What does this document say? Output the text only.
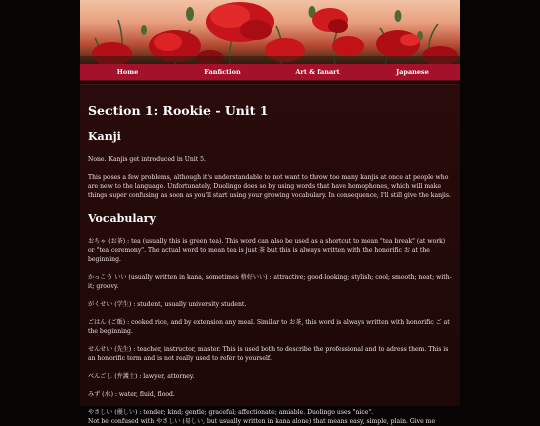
Home	Fanfiction	Art & fanart	Japanese
Section 1: Rookie - Unit 1
Kanji

None. Kanjis get introduced in Unit 5.

This poses a few problems, although it's understandable to not want to throw too many kanjis at once at people who are new to the language. Unfortunately, Duolingo does so by using words that have homophones, which will make things super confusing as soon as you'll start using your growing vocabulary. In consequence, I'll still give the kanjis.

Vocabulary

おちゃ (お茶) : tea (usually this is green tea). This word can also be used as a shortcut to mean "tea break" (at work) or "tea ceremony". The actual word to mean tea is just 茶 but this is always written with the honorific お at the beginning.

かっこう いい (usually written in kana, sometimes 格好いい) : attractive; good-looking; stylish; cool; smooth; neat; with-it; groovy.

がくせい (学生) : student, usually university student.

ごはん (ご飯) : cooked rice, and by extension any meal. Similar to お茶, this word is always written with honorific ご at the beginning.

せんせい (先生) : teacher, instructor, master. This is used both to describe the professional and to adress them. This is an honorific term and is not really used to refer to yourself.

べんごし (弁護士) : lawyer, attorney.

みず (水) : water, fluid, flood.

やさしい (優しい) : tender; kind; gentle; graceful; affectionate; amiable. Duolingo uses "nice".

Not be confused with やさしい (易しい, but usually written in kana alone) that means easy, simple, plain. Give me
